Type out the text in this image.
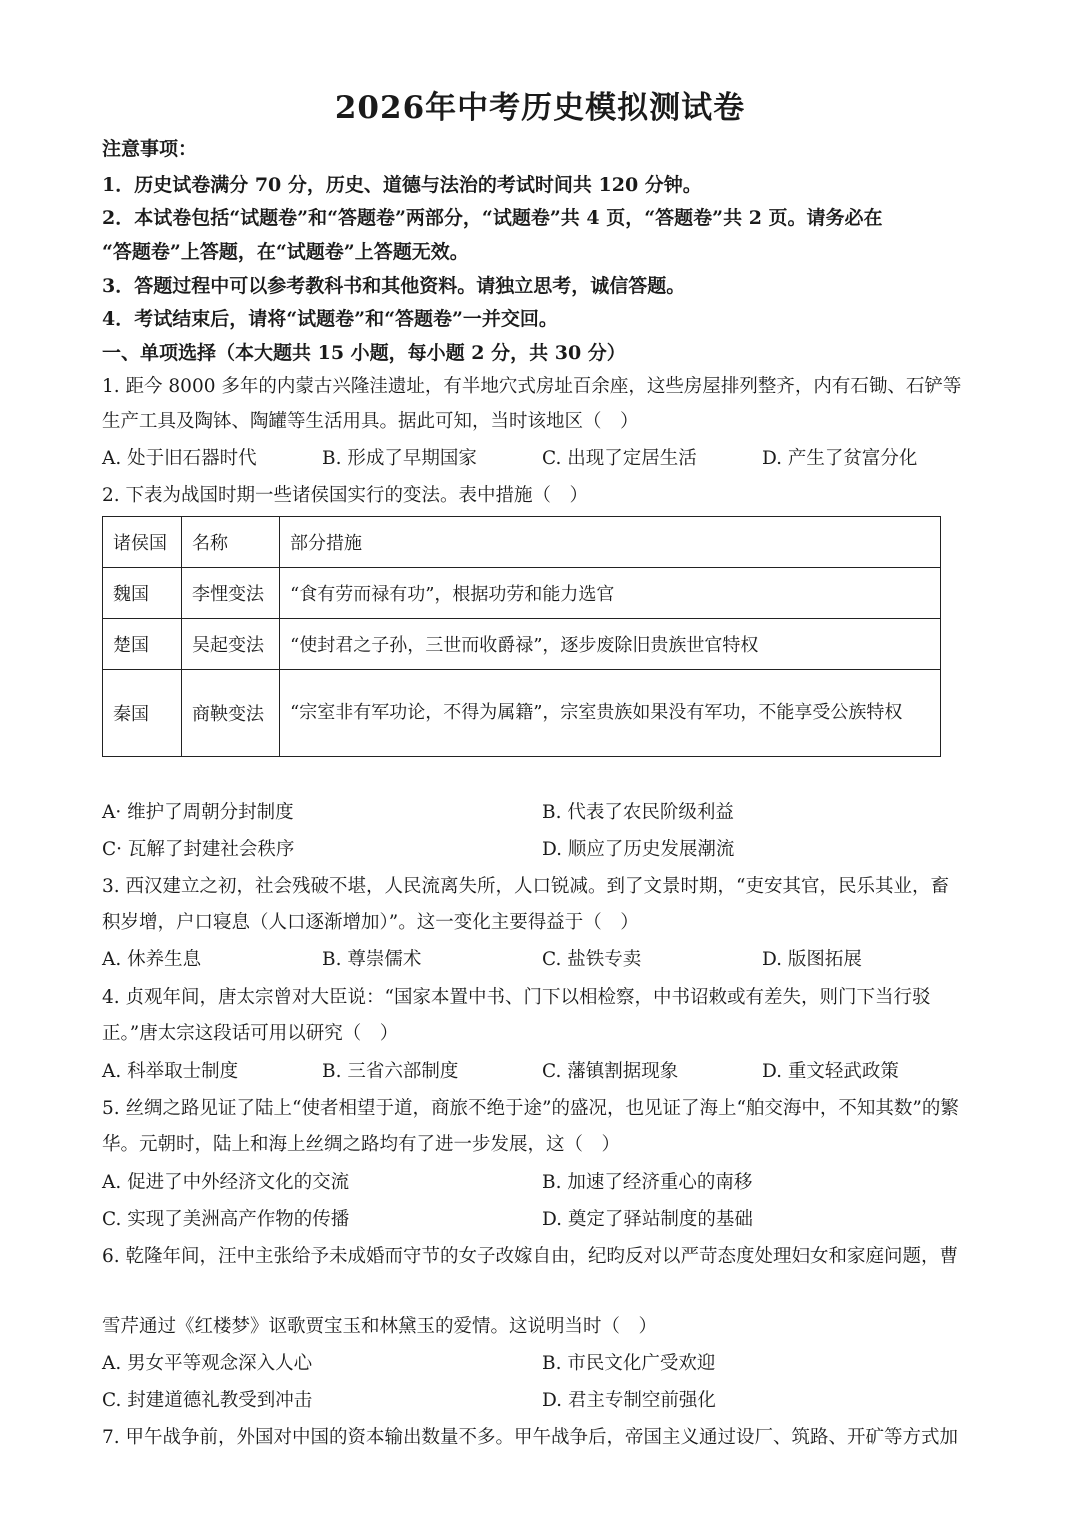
2026年中考历史模拟测试卷
注意事项：
1．历史试卷满分 70 分，历史、道德与法治的考试时间共 120 分钟。
2．本试卷包括“试题卷”和“答题卷”两部分，“试题卷”共 4 页，“答题卷”共 2 页。请务必在
“答题卷”上答题，在“试题卷”上答题无效。
3．答题过程中可以参考教科书和其他资料。请独立思考，诚信答题。
4．考试结束后，请将“试题卷”和“答题卷”一并交回。
一、单项选择（本大题共 15 小题，每小题 2 分，共 30 分）
1. 距今 8000 多年的内蒙古兴隆洼遗址，有半地穴式房址百余座，这些房屋排列整齐，内有石锄、石铲等
生产工具及陶钵、陶罐等生活用具。据此可知，当时该地区（　）
A. 处于旧石器时代	B. 形成了早期国家	C. 出现了定居生活	D. 产生了贫富分化
2. 下表为战国时期一些诸侯国实行的变法。表中措施（　）
诸侯国	名称	部分措施
魏国	李悝变法	“食有劳而禄有功”，根据功劳和能力选官
楚国	吴起变法	“使封君之子孙，三世而收爵禄”，逐步废除旧贵族世官特权
秦国	商鞅变法	“宗室非有军功论，不得为属籍”，宗室贵族如果没有军功，不能享受公族特权
A· 维护了周朝分封制度	B. 代表了农民阶级利益
C· 瓦解了封建社会秩序	D. 顺应了历史发展潮流
3. 西汉建立之初，社会残破不堪，人民流离失所，人口锐减。到了文景时期，“吏安其官，民乐其业，畜
积岁增，户口寝息（人口逐渐增加）”。这一变化主要得益于（　）
A. 休养生息	B. 尊崇儒术	C. 盐铁专卖	D. 版图拓展
4. 贞观年间，唐太宗曾对大臣说：“国家本置中书、门下以相检察，中书诏敕或有差失，则门下当行驳
正。”唐太宗这段话可用以研究（　）
A. 科举取士制度	B. 三省六部制度	C. 藩镇割据现象	D. 重文轻武政策
5. 丝绸之路见证了陆上“使者相望于道，商旅不绝于途”的盛况，也见证了海上“舶交海中，不知其数”的繁
华。元朝时，陆上和海上丝绸之路均有了进一步发展，这（　）
A. 促进了中外经济文化的交流	B. 加速了经济重心的南移
C. 实现了美洲高产作物的传播	D. 奠定了驿站制度的基础
6. 乾隆年间，汪中主张给予未成婚而守节的女子改嫁自由，纪昀反对以严苛态度处理妇女和家庭问题，曹
雪芹通过《红楼梦》讴歌贾宝玉和林黛玉的爱情。这说明当时（　）
A. 男女平等观念深入人心	B. 市民文化广受欢迎
C. 封建道德礼教受到冲击	D. 君主专制空前强化
7. 甲午战争前，外国对中国的资本输出数量不多。甲午战争后，帝国主义通过设厂、筑路、开矿等方式加
